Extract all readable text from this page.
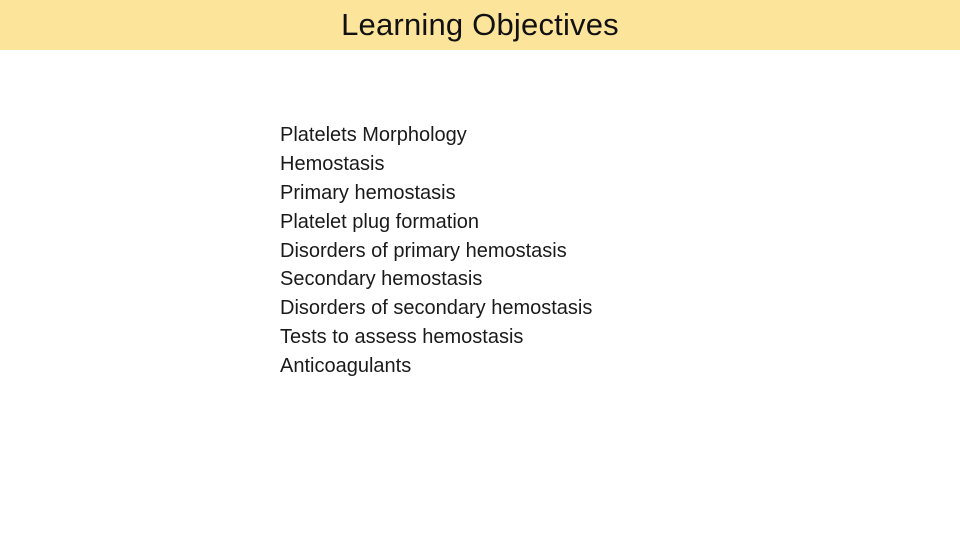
Learning Objectives
Platelets Morphology
Hemostasis
Primary hemostasis
Platelet plug formation
Disorders of primary hemostasis
Secondary hemostasis
Disorders of secondary hemostasis
Tests to assess hemostasis
Anticoagulants
